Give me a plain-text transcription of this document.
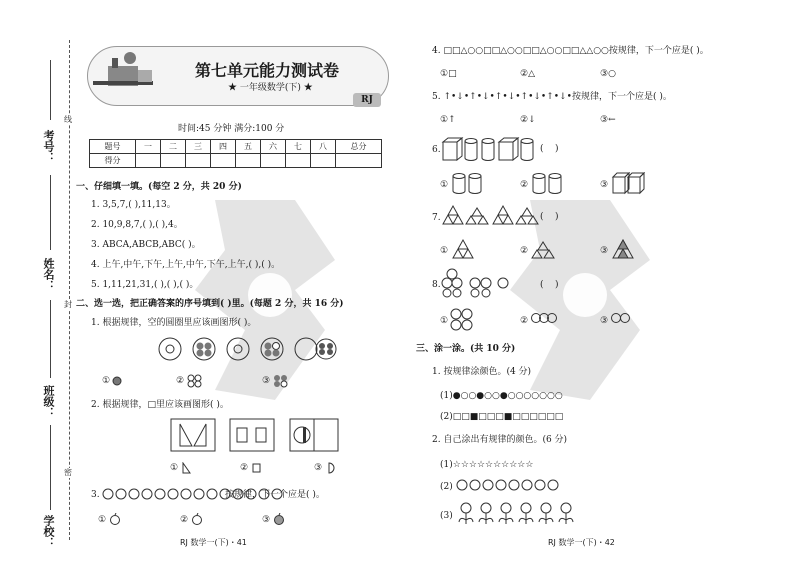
考号：
姓名：
班级：
学校：
线
封
密
第七单元能力测试卷
★ 一年级数学(下) ★
RJ
时间:45 分钟 满分:100 分
题号	一	二	三	四	五	六	七	八	总分
得分									
一、仔细填一填。(每空 2 分，共 20 分)
1. 3,5,7,( ),11,13。
2. 10,9,8,7,( ),( ),4。
3. ABCA,ABCB,ABC( )。
4. 上午,中午,下午,上午,中午,下午,上午,( ),( )。
5. 1,11,21,31,( ),( ),( )。
二、选一选，把正确答案的序号填到( )里。(每题 2 分，共 16 分)
1. 根据规律，空的圆圈里应该画图形( )。
①	②	③
2. 根据规律，□里应该画图形( )。
①	②	③
3.	按规律，下一个应是( )。
①	②	③
RJ 数学一(下)・41
4. □□△○○□□△○○□□△○○□□△△○○按规律，下一个应是( )。
①□	②△	③○
5. ↑•↓•↑•↓•↑•↓•↑•↓•↑•↓•按规律，下一个应是( )。
①↑	②↓	③←
6.	(    )
①	②	③
7.	(    )
①	②	③
8.	(    )
①	②	③
三、涂一涂。(共 10 分)
1. 按规律涂颜色。(4 分)
(1)●○○●○○●○○○○○○○
(2)□□■□□□■□□□□□□
2. 自己涂出有规律的颜色。(6 分)
(1)☆☆☆☆☆☆☆☆☆☆
(2)
(3)
RJ 数学一(下)・42
